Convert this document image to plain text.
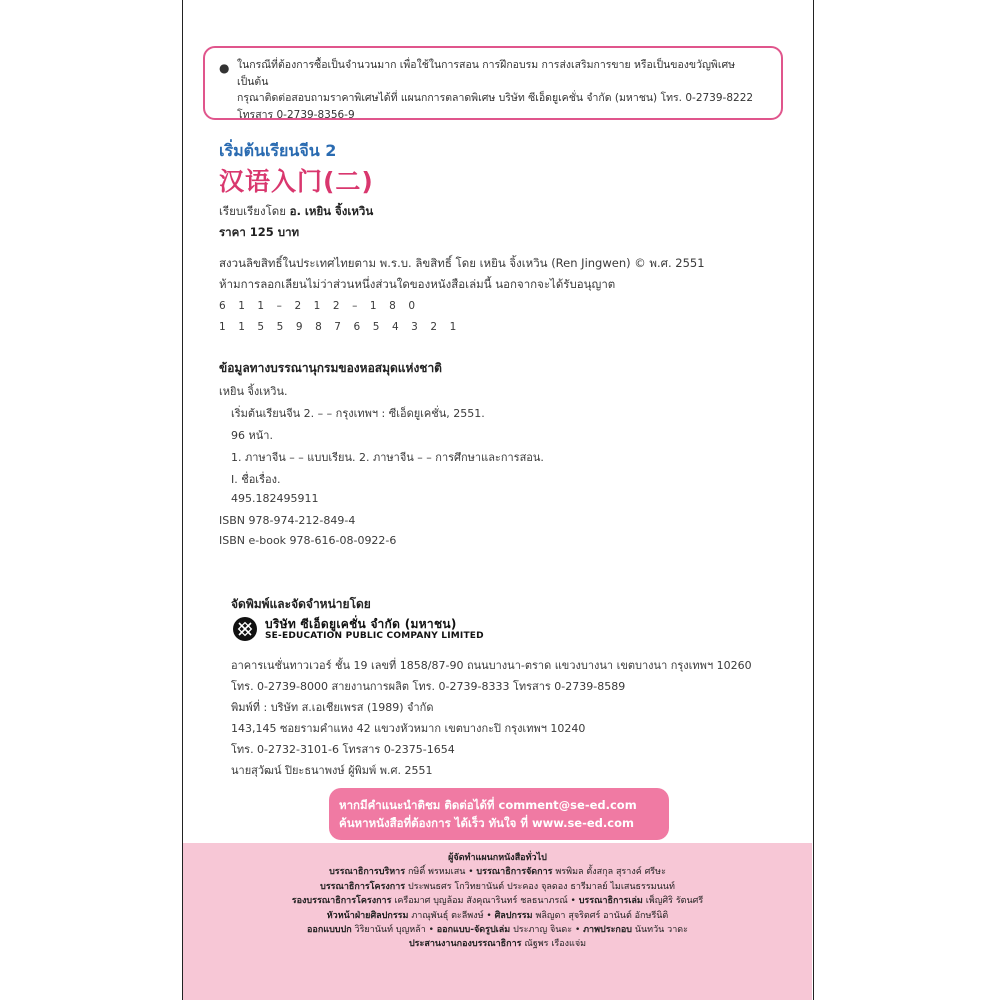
● ในกรณีที่ต้องการซื้อเป็นจำนวนมาก เพื่อใช้ในการสอน การฝึกอบรม การส่งเสริมการขาย หรือเป็นของขวัญพิเศษ เป็นต้น

กรุณาติดต่อสอบถามราคาพิเศษได้ที่ แผนกการตลาดพิเศษ บริษัท ซีเอ็ดยูเคชั่น จำกัด (มหาชน) โทร. 0-2739-8222

โทรสาร 0-2739-8356-9

เริ่มต้นเรียนจีน 2
汉语入门(二)
เรียบเรียงโดย อ. เหยิน จิ้งเหวิน
ราคา 125 บาท
สงวนลิขสิทธิ์ในประเทศไทยตาม พ.ร.บ. ลิขสิทธิ์ โดย เหยิน จิ้งเหวิน (Ren Jingwen) © พ.ศ. 2551
ห้ามการลอกเลียนไม่ว่าส่วนหนึ่งส่วนใดของหนังสือเล่มนี้ นอกจากจะได้รับอนุญาต
6 1 1 – 2 1 2 – 1 8 0
1 1 5 5 9 8 7 6 5 4 3 2 1
ข้อมูลทางบรรณานุกรมของหอสมุดแห่งชาติ
เหยิน จิ้งเหวิน.
เริ่มต้นเรียนจีน 2. – – กรุงเทพฯ : ซีเอ็ดยูเคชั่น, 2551.
96 หน้า.
1. ภาษาจีน – – แบบเรียน. 2. ภาษาจีน – – การศึกษาและการสอน.
I. ชื่อเรื่อง.
495.182495911
ISBN 978-974-212-849-4
ISBN e-book 978-616-08-0922-6
จัดพิมพ์และจัดจำหน่ายโดย
บริษัท ซีเอ็ดยูเคชั่น จำกัด (มหาชน)
SE-EDUCATION PUBLIC COMPANY LIMITED
อาคารเนชั่นทาวเวอร์ ชั้น 19 เลขที่ 1858/87-90 ถนนบางนา-ตราด แขวงบางนา เขตบางนา กรุงเทพฯ 10260
โทร. 0-2739-8000 สายงานการผลิต โทร. 0-2739-8333 โทรสาร 0-2739-8589
พิมพ์ที่ : บริษัท ส.เอเชียเพรส (1989) จำกัด
143,145 ซอยรามคำแหง 42 แขวงหัวหมาก เขตบางกะปิ กรุงเทพฯ 10240
โทร. 0-2732-3101-6 โทรสาร 0-2375-1654
นายสุวัฒน์ ปิยะธนาพงษ์ ผู้พิมพ์ พ.ศ. 2551

หากมีคำแนะนำติชม ติดต่อได้ที่ comment@se-ed.com

ค้นหาหนังสือที่ต้องการ ได้เร็ว ทันใจ ที่ www.se-ed.com

ผู้จัดทำแผนกหนังสือทั่วไป

บรรณาธิการบริหาร กษิติ์ พรหมเสน • บรรณาธิการจัดการ พรพิมล ตั้งสกุล สุรางค์ ศรีษะ

บรรณาธิการโครงการ ประพนธศร โกวิทยานันต์ ประคอง จุลดอง ธารีมาลย์ ไมเสนธรรมนนท์

รองบรรณาธิการโครงการ เครือมาศ บุญล้อม สังคุณารินทร์ ชลธนาภรณ์ • บรรณาธิการเล่ม เพ็ญศิริ รัตนศรี

หัวหน้าฝ่ายศิลปกรรม ภาณุพันธุ์ ตะลีพงษ์ • ศิลปกรรม พลิญดา สุจริตศร์ อานันต์ อักษรีนิติ

ออกแบบปก วิริยานันท์ บุญหล้า • ออกแบบ-จัดรูปเล่ม ประภาญ จินดะ • ภาพประกอบ นันทวัน วาดะ

ประสานงานกองบรรณาธิการ ณัฐพร เรืองแจ่ม
